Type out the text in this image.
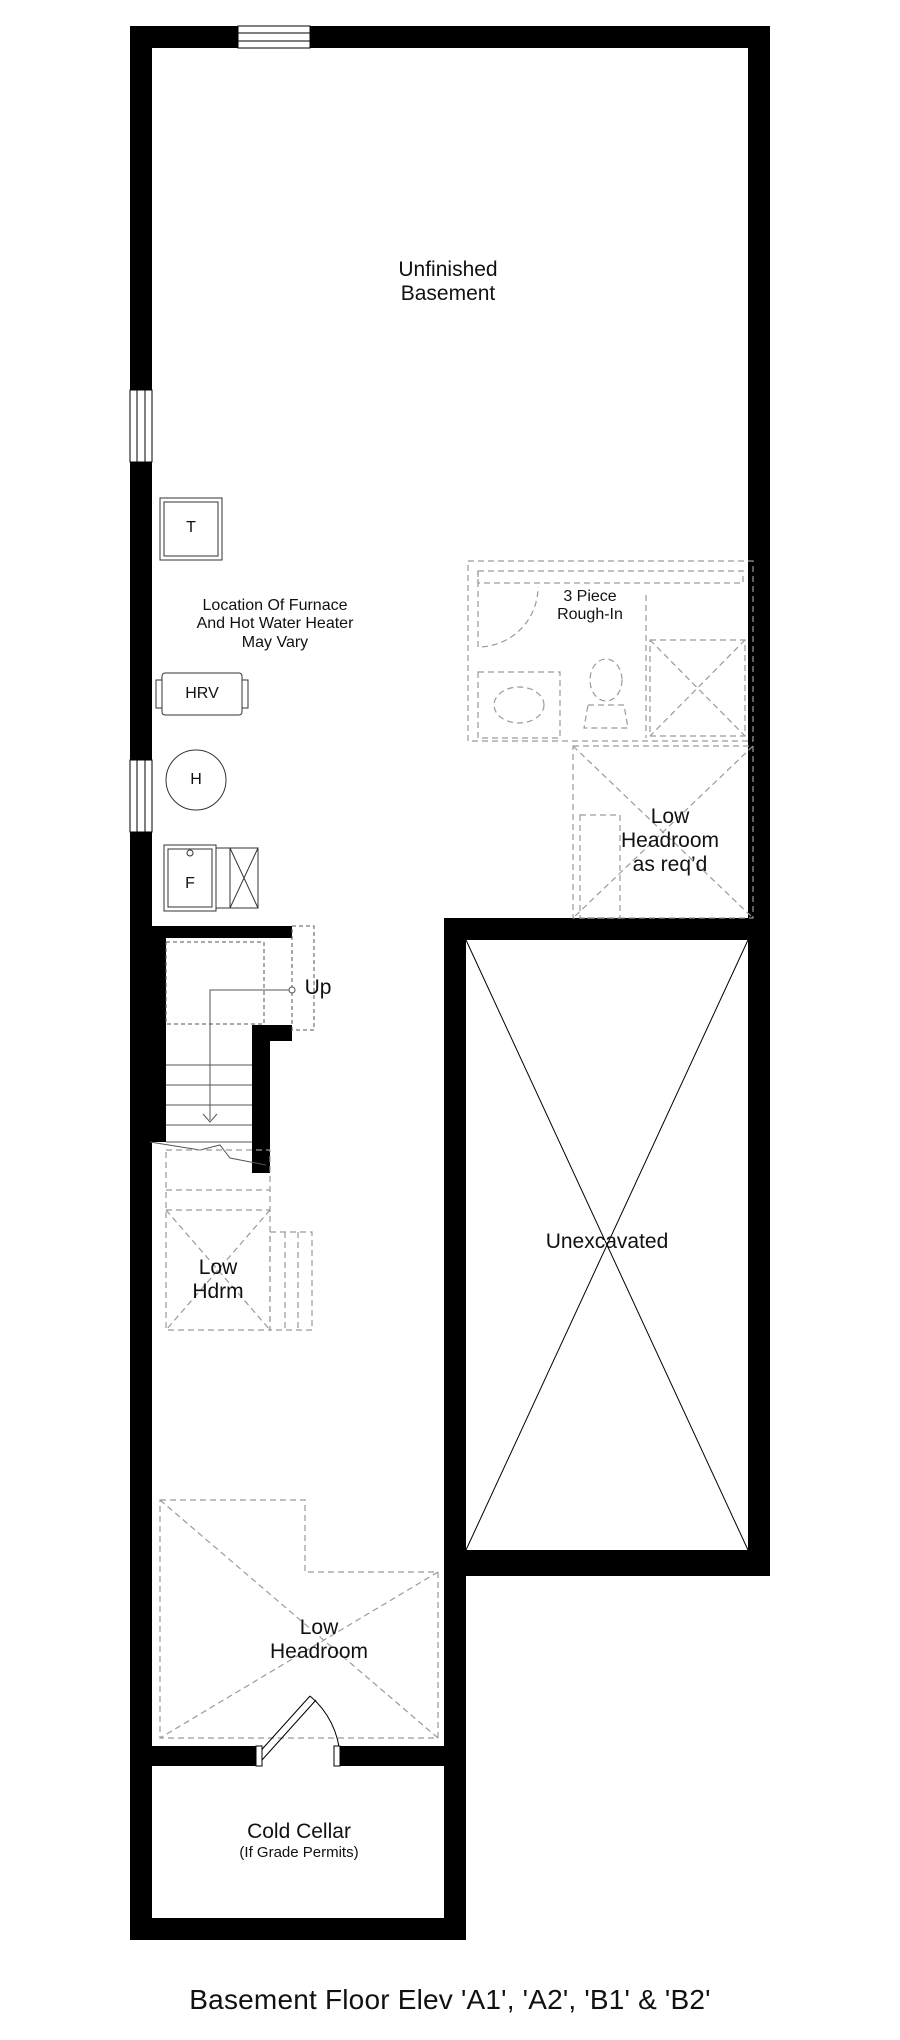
Unfinished
Basement
Location Of Furnace
And Hot Water Heater
May Vary
3 Piece
Rough-In
Low
Headroom
as req’d
Up
Low
Hdrm
Unexcavated
Low
Headroom
Cold Cellar
(If Grade Permits)
T
HRV
H
F
Basement Floor Elev 'A1', 'A2', 'B1' & 'B2'
